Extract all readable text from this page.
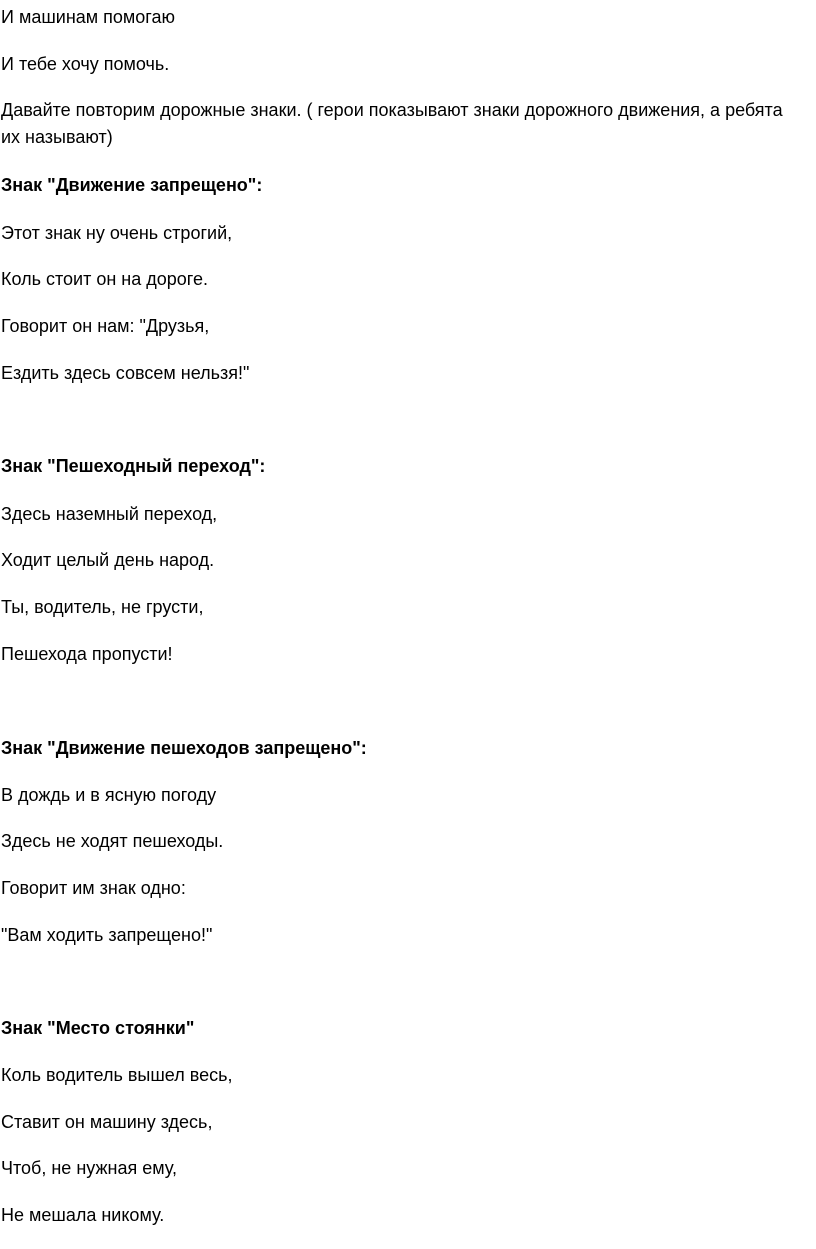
И машинам помогаю
И тебе хочу помочь.
Давайте повторим дорожные знаки. ( герои показывают знаки дорожного движения, а ребята их называют)
Знак "Движение запрещено":
Этот знак ну очень строгий,
Коль стоит он на дороге.
Говорит он нам: "Друзья,
Ездить здесь совсем нельзя!"
Знак "Пешеходный переход":
Здесь наземный переход,
Ходит целый день народ.
Ты, водитель, не грусти,
Пешехода пропусти!
Знак "Движение пешеходов запрещено":
В дождь и в ясную погоду
Здесь не ходят пешеходы.
Говорит им знак одно:
"Вам ходить запрещено!"
Знак "Место стоянки"
Коль водитель вышел весь,
Ставит он машину здесь,
Чтоб, не нужная ему,
Не мешала никому.
